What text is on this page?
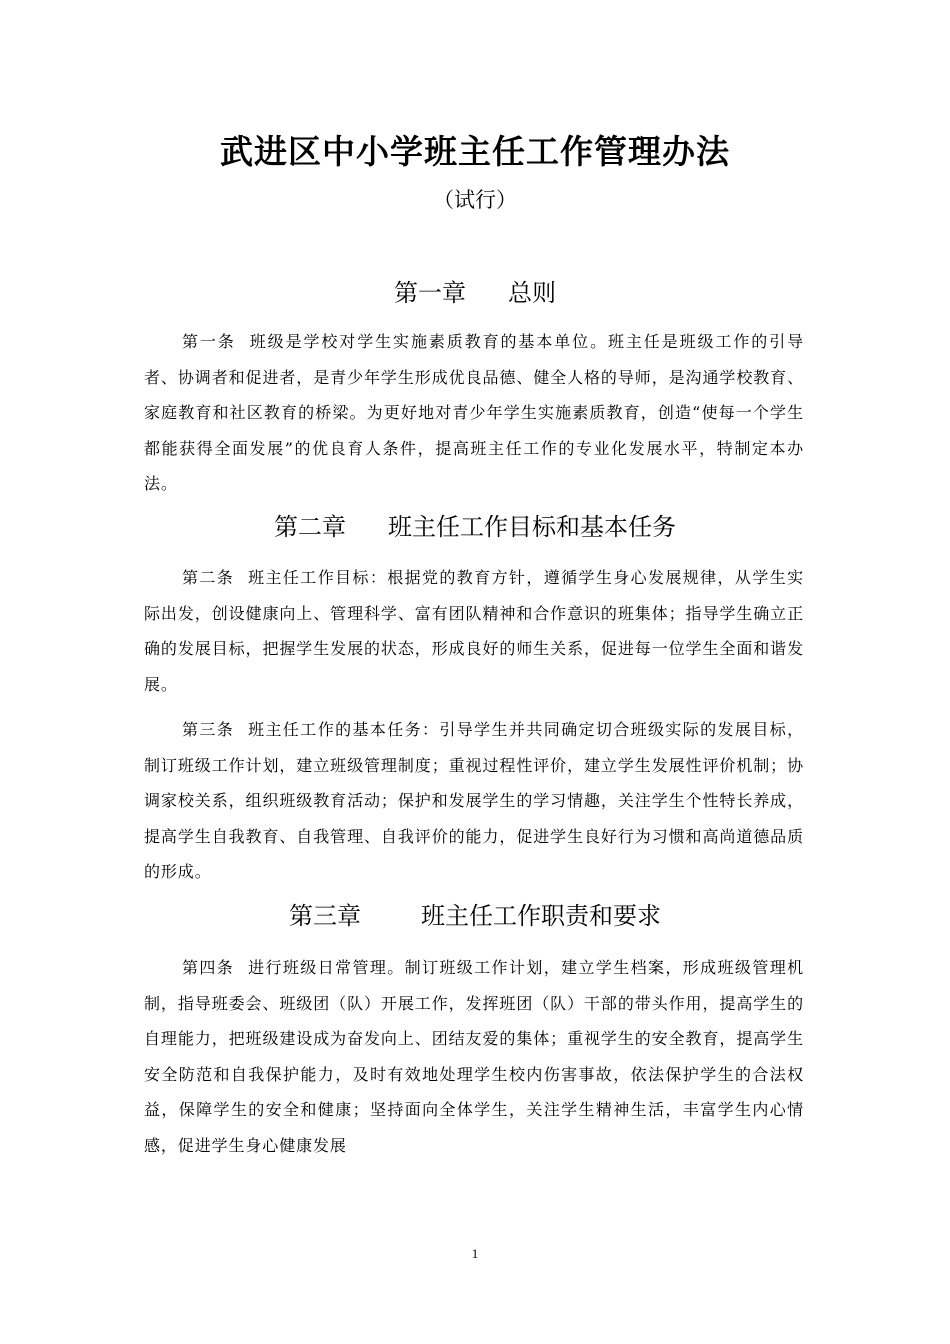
武进区中小学班主任工作管理办法
（试行）
第一章 总则

第一条 班级是学校对学生实施素质教育的基本单位。班主任是班级工作的引导者、协调者和促进者，是青少年学生形成优良品德、健全人格的导师，是沟通学校教育、家庭教育和社区教育的桥梁。为更好地对青少年学生实施素质教育，创造“使每一个学生都能获得全面发展”的优良育人条件，提高班主任工作的专业化发展水平，特制定本办法。

第二章 班主任工作目标和基本任务

第二条 班主任工作目标：根据党的教育方针，遵循学生身心发展规律，从学生实际出发，创设健康向上、管理科学、富有团队精神和合作意识的班集体；指导学生确立正确的发展目标，把握学生发展的状态，形成良好的师生关系，促进每一位学生全面和谐发展。

第三条 班主任工作的基本任务：引导学生并共同确定切合班级实际的发展目标，制订班级工作计划，建立班级管理制度；重视过程性评价，建立学生发展性评价机制；协调家校关系，组织班级教育活动；保护和发展学生的学习情趣，关注学生个性特长养成，提高学生自我教育、自我管理、自我评价的能力，促进学生良好行为习惯和高尚道德品质的形成。

第三章	班主任工作职责和要求

第四条 进行班级日常管理。制订班级工作计划，建立学生档案，形成班级管理机制，指导班委会、班级团（队）开展工作，发挥班团（队）干部的带头作用，提高学生的自理能力，把班级建设成为奋发向上、团结友爱的集体；重视学生的安全教育，提高学生安全防范和自我保护能力，及时有效地处理学生校内伤害事故，依法保护学生的合法权益，保障学生的安全和健康；坚持面向全体学生，关注学生精神生活，丰富学生内心情感，促进学生身心健康发展

1
